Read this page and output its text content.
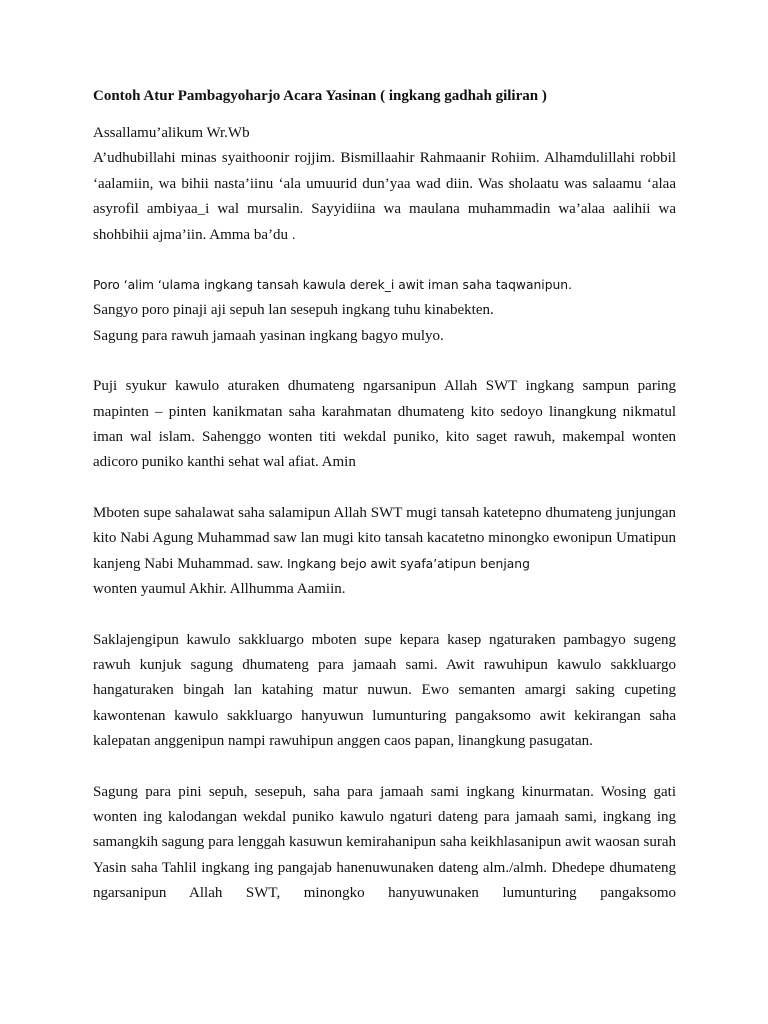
Contoh Atur Pambagyoharjo Acara Yasinan ( ingkang gadhah giliran )

Assallamu’alikum Wr.Wb

A’udhubillahi minas syaithoonir rojjim. Bismillaahir Rahmaanir Rohiim. Alhamdulillahi robbil ‘aalamiin, wa bihii nasta’iinu ‘ala umuurid dun’yaa wad diin. Was sholaatu was salaamu ‘alaa asyrofil ambiyaa_i wal mursalin. Sayyidiina wa maulana muhammadin wa’alaa aalihii wa shohbihii ajma’iin. Amma ba’du .

Poro ‘alim ‘ulama ingkang tansah kawula derek_i awit iman saha taqwanipun.

Sangyo poro pinaji aji sepuh lan sesepuh ingkang tuhu kinabekten.

Sagung para rawuh jamaah yasinan ingkang bagyo mulyo.

Puji syukur kawulo aturaken dhumateng ngarsanipun Allah SWT ingkang sampun paring mapinten – pinten kanikmatan saha karahmatan dhumateng kito sedoyo linangkung nikmatul iman wal islam. Sahenggo wonten titi wekdal puniko, kito saget rawuh, makempal wonten adicoro puniko kanthi sehat wal afiat. Amin

Mboten supe sahalawat saha salamipun Allah SWT mugi tansah katetepno dhumateng junjungan kito Nabi Agung Muhammad saw lan mugi kito tansah kacatetno minongko ewonipun Umatipun kanjeng Nabi Muhammad. saw. Ingkang bejo awit syafa’atipun benjang
wonten yaumul Akhir. Allhumma Aamiin.

Saklajengipun kawulo sakkluargo mboten supe kepara kasep ngaturaken pambagyo sugeng rawuh kunjuk sagung dhumateng para jamaah sami. Awit rawuhipun kawulo sakkluargo hangaturaken bingah lan katahing matur nuwun. Ewo semanten amargi saking cupeting kawontenan kawulo sakkluargo hanyuwun lumunturing pangaksomo awit kekirangan saha kalepatan anggenipun nampi rawuhipun anggen caos papan, linangkung pasugatan.

Sagung para pini sepuh, sesepuh, saha para jamaah sami ingkang kinurmatan. Wosing gati wonten ing kalodangan wekdal puniko kawulo ngaturi dateng para jamaah sami, ingkang ing samangkih sagung para lenggah kasuwun kemirahanipun saha keikhlasanipun awit waosan surah Yasin saha Tahlil ingkang ing pangajab hanenuwunaken dateng alm./almh. Dhedepe dhumateng ngarsanipun Allah SWT, minongko hanyuwunaken lumunturing pangaksomo
